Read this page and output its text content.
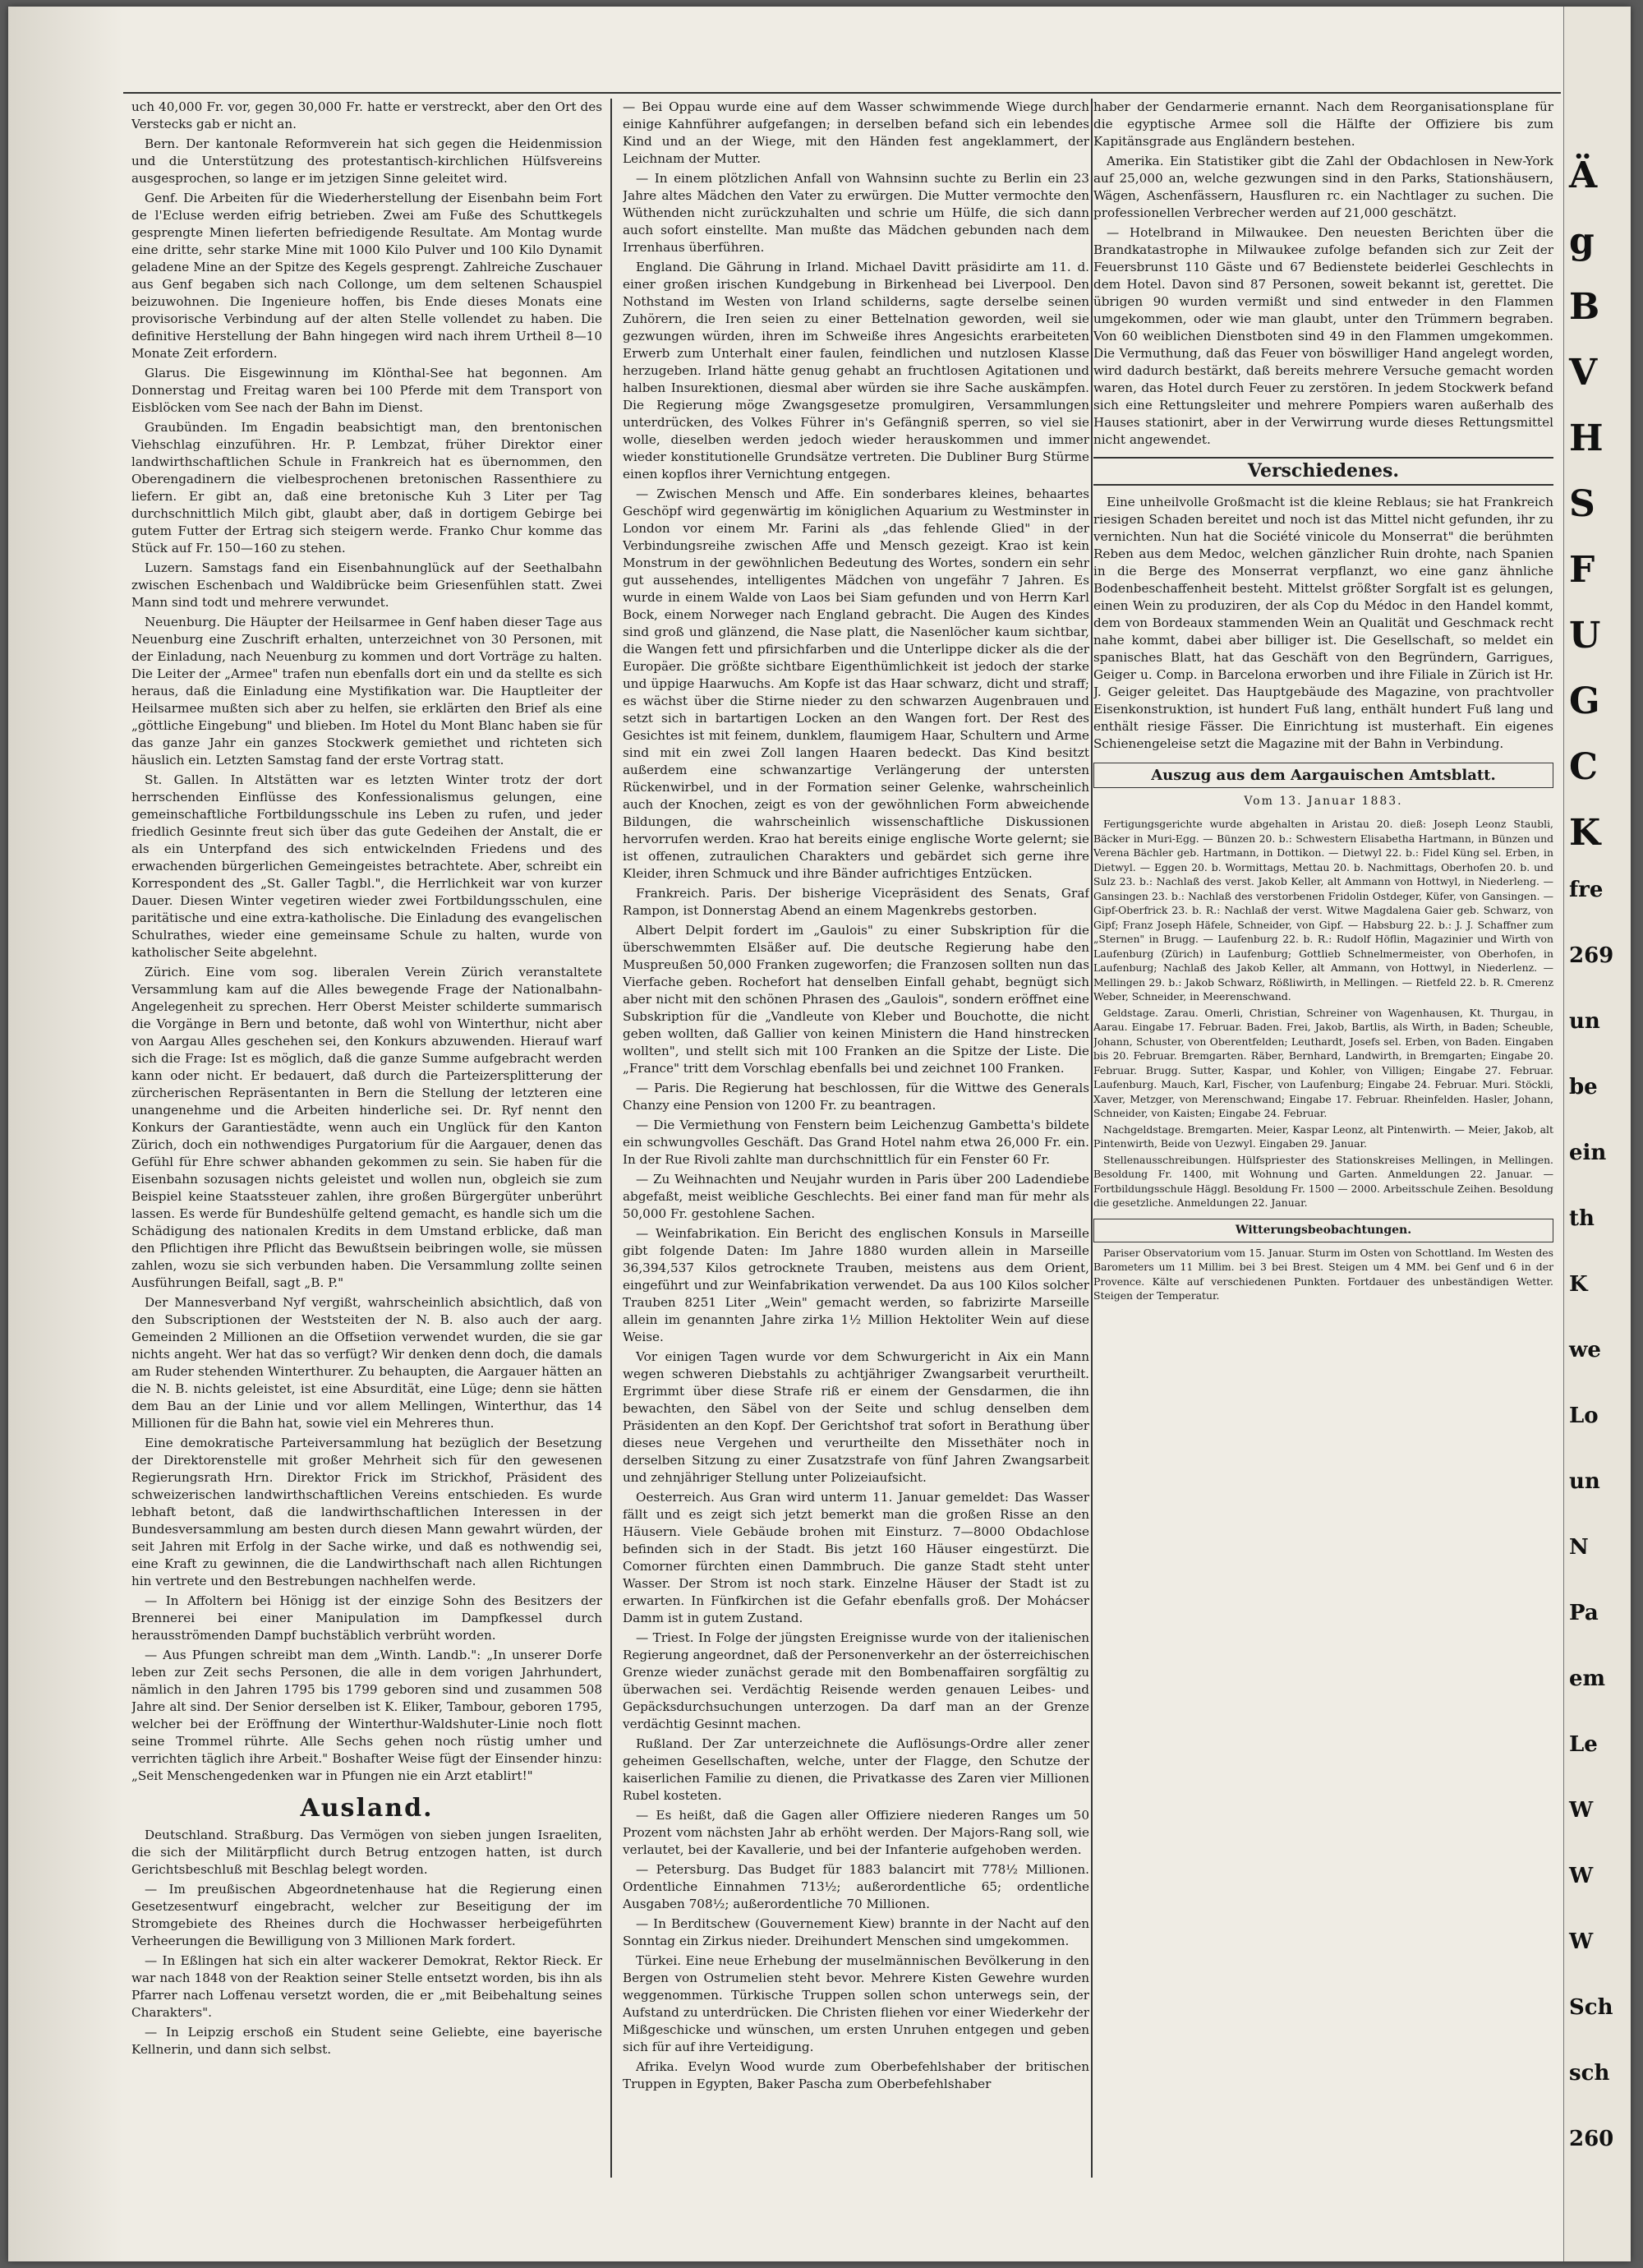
uch 40,000 Fr. vor, gegen 30,000 Fr. hatte er verstreckt, aber den Ort des Verstecks gab er nicht an.

Bern. Der kantonale Reformverein hat sich gegen die Heidenmission und die Unterstützung des protestantisch-kirchlichen Hülfsvereins ausgesprochen, so lange er im jetzigen Sinne geleitet wird.

Genf. Die Arbeiten für die Wiederherstellung der Eisenbahn beim Fort de l'Ecluse werden eifrig betrieben. Zwei am Fuße des Schuttkegels gesprengte Minen lieferten befriedigende Resultate. Am Montag wurde eine dritte, sehr starke Mine mit 1000 Kilo Pulver und 100 Kilo Dynamit geladene Mine an der Spitze des Kegels gesprengt. Zahlreiche Zuschauer aus Genf begaben sich nach Collonge, um dem seltenen Schauspiel beizuwohnen. Die Ingenieure hoffen, bis Ende dieses Monats eine provisorische Verbindung auf der alten Stelle vollendet zu haben. Die definitive Herstellung der Bahn hingegen wird nach ihrem Urtheil 8—10 Monate Zeit erfordern.

Glarus. Die Eisgewinnung im Klönthal-See hat begonnen. Am Donnerstag und Freitag waren bei 100 Pferde mit dem Transport von Eisblöcken vom See nach der Bahn im Dienst.

Graubünden. Im Engadin beabsichtigt man, den brentonischen Viehschlag einzuführen. Hr. P. Lembzat, früher Direktor einer landwirthschaftlichen Schule in Frankreich hat es übernommen, den Oberengadinern die vielbesprochenen bretonischen Rassenthiere zu liefern. Er gibt an, daß eine bretonische Kuh 3 Liter per Tag durchschnittlich Milch gibt, glaubt aber, daß in dortigem Gebirge bei gutem Futter der Ertrag sich steigern werde. Franko Chur komme das Stück auf Fr. 150—160 zu stehen.

Luzern. Samstags fand ein Eisenbahnunglück auf der Seethalbahn zwischen Eschenbach und Waldibrücke beim Griesenfühlen statt. Zwei Mann sind todt und mehrere verwundet.

Neuenburg. Die Häupter der Heilsarmee in Genf haben dieser Tage aus Neuenburg eine Zuschrift erhalten, unterzeichnet von 30 Personen, mit der Einladung, nach Neuenburg zu kommen und dort Vorträge zu halten. Die Leiter der „Armee" trafen nun ebenfalls dort ein und da stellte es sich heraus, daß die Einladung eine Mystifikation war. Die Hauptleiter der Heilsarmee mußten sich aber zu helfen, sie erklärten den Brief als eine „göttliche Eingebung" und blieben. Im Hotel du Mont Blanc haben sie für das ganze Jahr ein ganzes Stockwerk gemiethet und richteten sich häuslich ein. Letzten Samstag fand der erste Vortrag statt.

St. Gallen. In Altstätten war es letzten Winter trotz der dort herrschenden Einflüsse des Konfessionalismus gelungen, eine gemeinschaftliche Fortbildungsschule ins Leben zu rufen, und jeder friedlich Gesinnte freut sich über das gute Gedeihen der Anstalt, die er als ein Unterpfand des sich entwickelnden Friedens und des erwachenden bürgerlichen Gemeingeistes betrachtete. Aber, schreibt ein Korrespondent des „St. Galler Tagbl.", die Herrlichkeit war von kurzer Dauer. Diesen Winter vegetiren wieder zwei Fortbildungsschulen, eine paritätische und eine extra-katholische. Die Einladung des evangelischen Schulrathes, wieder eine gemeinsame Schule zu halten, wurde von katholischer Seite abgelehnt.

Zürich. Eine vom sog. liberalen Verein Zürich veranstaltete Versammlung kam auf die Alles bewegende Frage der Nationalbahn-Angelegenheit zu sprechen. Herr Oberst Meister schilderte summarisch die Vorgänge in Bern und betonte, daß wohl von Winterthur, nicht aber von Aargau Alles geschehen sei, den Konkurs abzuwenden. Hierauf warf sich die Frage: Ist es möglich, daß die ganze Summe aufgebracht werden kann oder nicht. Er bedauert, daß durch die Parteizersplitterung der zürcherischen Repräsentanten in Bern die Stellung der letzteren eine unangenehme und die Arbeiten hinderliche sei. Dr. Ryf nennt den Konkurs der Garantiestädte, wenn auch ein Unglück für den Kanton Zürich, doch ein nothwendiges Purgatorium für die Aargauer, denen das Gefühl für Ehre schwer abhanden gekommen zu sein. Sie haben für die Eisenbahn sozusagen nichts geleistet und wollen nun, obgleich sie zum Beispiel keine Staatssteuer zahlen, ihre großen Bürgergüter unberührt lassen. Es werde für Bundeshülfe geltend gemacht, es handle sich um die Schädigung des nationalen Kredits in dem Umstand erblicke, daß man den Pflichtigen ihre Pflicht das Bewußtsein beibringen wolle, sie müssen zahlen, wozu sie sich verbunden haben. Die Versammlung zollte seinen Ausführungen Beifall, sagt „B. P."

Der Mannesverband Nyf vergißt, wahrscheinlich absichtlich, daß von den Subscriptionen der Weststeiten der N. B. also auch der aarg. Gemeinden 2 Millionen an die Offsetiion verwendet wurden, die sie gar nichts angeht. Wer hat das so verfügt? Wir denken denn doch, die damals am Ruder stehenden Winterthurer. Zu behaupten, die Aargauer hätten an die N. B. nichts geleistet, ist eine Absurdität, eine Lüge; denn sie hätten dem Bau an der Linie und vor allem Mellingen, Winterthur, das 14 Millionen für die Bahn hat, sowie viel ein Mehreres thun.

Eine demokratische Parteiversammlung hat bezüglich der Besetzung der Direktorenstelle mit großer Mehrheit sich für den gewesenen Regierungsrath Hrn. Direktor Frick im Strickhof, Präsident des schweizerischen landwirthschaftlichen Vereins entschieden. Es wurde lebhaft betont, daß die landwirthschaftlichen Interessen in der Bundesversammlung am besten durch diesen Mann gewahrt würden, der seit Jahren mit Erfolg in der Sache wirke, und daß es nothwendig sei, eine Kraft zu gewinnen, die die Landwirthschaft nach allen Richtungen hin vertrete und den Bestrebungen nachhelfen werde.

— In Affoltern bei Hönigg ist der einzige Sohn des Besitzers der Brennerei bei einer Manipulation im Dampfkessel durch herausströmenden Dampf buchstäblich verbrüht worden.

— Aus Pfungen schreibt man dem „Winth. Landb.": „In unserer Dorfe leben zur Zeit sechs Personen, die alle in dem vorigen Jahrhundert, nämlich in den Jahren 1795 bis 1799 geboren sind und zusammen 508 Jahre alt sind. Der Senior derselben ist K. Eliker, Tambour, geboren 1795, welcher bei der Eröffnung der Winterthur-Waldshuter-Linie noch flott seine Trommel rührte. Alle Sechs gehen noch rüstig umher und verrichten täglich ihre Arbeit." Boshafter Weise fügt der Einsender hinzu: „Seit Menschengedenken war in Pfungen nie ein Arzt etablirt!"

Ausland.

Deutschland. Straßburg. Das Vermögen von sieben jungen Israeliten, die sich der Militärpflicht durch Betrug entzogen hatten, ist durch Gerichtsbeschluß mit Beschlag belegt worden.

— Im preußischen Abgeordnetenhause hat die Regierung einen Gesetzesentwurf eingebracht, welcher zur Beseitigung der im Stromgebiete des Rheines durch die Hochwasser herbeigeführten Verheerungen die Bewilligung von 3 Millionen Mark fordert.

— In Eßlingen hat sich ein alter wackerer Demokrat, Rektor Rieck. Er war nach 1848 von der Reaktion seiner Stelle entsetzt worden, bis ihn als Pfarrer nach Loffenau versetzt worden, die er „mit Beibehaltung seines Charakters".

— In Leipzig erschoß ein Student seine Geliebte, eine bayerische Kellnerin, und dann sich selbst.

— Bei Oppau wurde eine auf dem Wasser schwimmende Wiege durch einige Kahnführer aufgefangen; in derselben befand sich ein lebendes Kind und an der Wiege, mit den Händen fest angeklammert, der Leichnam der Mutter.

— In einem plötzlichen Anfall von Wahnsinn suchte zu Berlin ein 23 Jahre altes Mädchen den Vater zu erwürgen. Die Mutter vermochte den Wüthenden nicht zurückzuhalten und schrie um Hülfe, die sich dann auch sofort einstellte. Man mußte das Mädchen gebunden nach dem Irrenhaus überführen.

England. Die Gährung in Irland. Michael Davitt präsidirte am 11. d. einer großen irischen Kundgebung in Birkenhead bei Liverpool. Den Nothstand im Westen von Irland schilderns, sagte derselbe seinen Zuhörern, die Iren seien zu einer Bettelnation geworden, weil sie gezwungen würden, ihren im Schweiße ihres Angesichts erarbeiteten Erwerb zum Unterhalt einer faulen, feindlichen und nutzlosen Klasse herzugeben. Irland hätte genug gehabt an fruchtlosen Agitationen und halben Insurektionen, diesmal aber würden sie ihre Sache auskämpfen. Die Regierung möge Zwangsgesetze promulgiren, Versammlungen unterdrücken, des Volkes Führer in's Gefängniß sperren, so viel sie wolle, dieselben werden jedoch wieder herauskommen und immer wieder konstitutionelle Grundsätze vertreten. Die Dubliner Burg Stürme einen kopflos ihrer Vernichtung entgegen.

— Zwischen Mensch und Affe. Ein sonderbares kleines, behaartes Geschöpf wird gegenwärtig im königlichen Aquarium zu Westminster in London vor einem Mr. Farini als „das fehlende Glied" in der Verbindungsreihe zwischen Affe und Mensch gezeigt. Krao ist kein Monstrum in der gewöhnlichen Bedeutung des Wortes, sondern ein sehr gut aussehendes, intelligentes Mädchen von ungefähr 7 Jahren. Es wurde in einem Walde von Laos bei Siam gefunden und von Herrn Karl Bock, einem Norweger nach England gebracht. Die Augen des Kindes sind groß und glänzend, die Nase platt, die Nasenlöcher kaum sichtbar, die Wangen fett und pfirsichfarben und die Unterlippe dicker als die der Europäer. Die größte sichtbare Eigenthümlichkeit ist jedoch der starke und üppige Haarwuchs. Am Kopfe ist das Haar schwarz, dicht und straff; es wächst über die Stirne nieder zu den schwarzen Augenbrauen und setzt sich in bartartigen Locken an den Wangen fort. Der Rest des Gesichtes ist mit feinem, dunklem, flaumigem Haar, Schultern und Arme sind mit ein zwei Zoll langen Haaren bedeckt. Das Kind besitzt außerdem eine schwanzartige Verlängerung der untersten Rückenwirbel, und in der Formation seiner Gelenke, wahrscheinlich auch der Knochen, zeigt es von der gewöhnlichen Form abweichende Bildungen, die wahrscheinlich wissenschaftliche Diskussionen hervorrufen werden. Krao hat bereits einige englische Worte gelernt; sie ist offenen, zutraulichen Charakters und gebärdet sich gerne ihre Kleider, ihren Schmuck und ihre Bänder aufrichtiges Entzücken.

Frankreich. Paris. Der bisherige Vicepräsident des Senats, Graf Rampon, ist Donnerstag Abend an einem Magenkrebs gestorben.

Albert Delpit fordert im „Gaulois" zu einer Subskription für die überschwemmten Elsäßer auf. Die deutsche Regierung habe den Muspreußen 50,000 Franken zugeworfen; die Franzosen sollten nun das Vierfache geben. Rochefort hat denselben Einfall gehabt, begnügt sich aber nicht mit den schönen Phrasen des „Gaulois", sondern eröffnet eine Subskription für die „Vandleute von Kleber und Bouchotte, die nicht geben wollten, daß Gallier von keinen Ministern die Hand hinstrecken wollten", und stellt sich mit 100 Franken an die Spitze der Liste. Die „France" tritt dem Vorschlag ebenfalls bei und zeichnet 100 Franken.

— Paris. Die Regierung hat beschlossen, für die Wittwe des Generals Chanzy eine Pension von 1200 Fr. zu beantragen.

— Die Vermiethung von Fenstern beim Leichenzug Gambetta's bildete ein schwungvolles Geschäft. Das Grand Hotel nahm etwa 26,000 Fr. ein. In der Rue Rivoli zahlte man durchschnittlich für ein Fenster 60 Fr.

— Zu Weihnachten und Neujahr wurden in Paris über 200 Ladendiebe abgefaßt, meist weibliche Geschlechts. Bei einer fand man für mehr als 50,000 Fr. gestohlene Sachen.

— Weinfabrikation. Ein Bericht des englischen Konsuls in Marseille gibt folgende Daten: Im Jahre 1880 wurden allein in Marseille 36,394,537 Kilos getrocknete Trauben, meistens aus dem Orient, eingeführt und zur Weinfabrikation verwendet. Da aus 100 Kilos solcher Trauben 8251 Liter „Wein" gemacht werden, so fabrizirte Marseille allein im genannten Jahre zirka 1½ Million Hektoliter Wein auf diese Weise.

Vor einigen Tagen wurde vor dem Schwurgericht in Aix ein Mann wegen schweren Diebstahls zu achtjähriger Zwangsarbeit verurtheilt. Ergrimmt über diese Strafe riß er einem der Gensdarmen, die ihn bewachten, den Säbel von der Seite und schlug denselben dem Präsidenten an den Kopf. Der Gerichtshof trat sofort in Berathung über dieses neue Vergehen und verurtheilte den Missethäter noch in derselben Sitzung zu einer Zusatzstrafe von fünf Jahren Zwangsarbeit und zehnjähriger Stellung unter Polizeiaufsicht.

Oesterreich. Aus Gran wird unterm 11. Januar gemeldet: Das Wasser fällt und es zeigt sich jetzt bemerkt man die großen Risse an den Häusern. Viele Gebäude brohen mit Einsturz. 7—8000 Obdachlose befinden sich in der Stadt. Bis jetzt 160 Häuser eingestürzt. Die Comorner fürchten einen Dammbruch. Die ganze Stadt steht unter Wasser. Der Strom ist noch stark. Einzelne Häuser der Stadt ist zu erwarten. In Fünfkirchen ist die Gefahr ebenfalls groß. Der Mohácser Damm ist in gutem Zustand.

— Triest. In Folge der jüngsten Ereignisse wurde von der italienischen Regierung angeordnet, daß der Personenverkehr an der österreichischen Grenze wieder zunächst gerade mit den Bombenaffairen sorgfältig zu überwachen sei. Verdächtig Reisende werden genauen Leibes- und Gepäcksdurchsuchungen unterzogen. Da darf man an der Grenze verdächtig Gesinnt machen.

Rußland. Der Zar unterzeichnete die Auflösungs-Ordre aller zener geheimen Gesellschaften, welche, unter der Flagge, den Schutze der kaiserlichen Familie zu dienen, die Privatkasse des Zaren vier Millionen Rubel kosteten.

— Es heißt, daß die Gagen aller Offiziere niederen Ranges um 50 Prozent vom nächsten Jahr ab erhöht werden. Der Majors-Rang soll, wie verlautet, bei der Kavallerie, und bei der Infanterie aufgehoben werden.

— Petersburg. Das Budget für 1883 balancirt mit 778½ Millionen. Ordentliche Einnahmen 713½; außerordentliche 65; ordentliche Ausgaben 708½; außerordentliche 70 Millionen.

— In Berditschew (Gouvernement Kiew) brannte in der Nacht auf den Sonntag ein Zirkus nieder. Dreihundert Menschen sind umgekommen.

Türkei. Eine neue Erhebung der muselmännischen Bevölkerung in den Bergen von Ostrumelien steht bevor. Mehrere Kisten Gewehre wurden weggenommen. Türkische Truppen sollen schon unterwegs sein, der Aufstand zu unterdrücken. Die Christen fliehen vor einer Wiederkehr der Mißgeschicke und wünschen, um ersten Unruhen entgegen und geben sich für auf ihre Verteidigung.

Afrika. Evelyn Wood wurde zum Oberbefehlshaber der britischen Truppen in Egypten, Baker Pascha zum Oberbefehlshaber

haber der Gendarmerie ernannt. Nach dem Reorganisationsplane für die egyptische Armee soll die Hälfte der Offiziere bis zum Kapitänsgrade aus Engländern bestehen.

Amerika. Ein Statistiker gibt die Zahl der Obdachlosen in New-York auf 25,000 an, welche gezwungen sind in den Parks, Stationshäusern, Wägen, Aschenfässern, Hausfluren rc. ein Nachtlager zu suchen. Die professionellen Verbrecher werden auf 21,000 geschätzt.

— Hotelbrand in Milwaukee. Den neuesten Berichten über die Brandkatastrophe in Milwaukee zufolge befanden sich zur Zeit der Feuersbrunst 110 Gäste und 67 Bedienstete beiderlei Geschlechts in dem Hotel. Davon sind 87 Personen, soweit bekannt ist, gerettet. Die übrigen 90 wurden vermißt und sind entweder in den Flammen umgekommen, oder wie man glaubt, unter den Trümmern begraben. Von 60 weiblichen Dienstboten sind 49 in den Flammen umgekommen. Die Vermuthung, daß das Feuer von böswilliger Hand angelegt worden, wird dadurch bestärkt, daß bereits mehrere Versuche gemacht worden waren, das Hotel durch Feuer zu zerstören. In jedem Stockwerk befand sich eine Rettungsleiter und mehrere Pompiers waren außerhalb des Hauses stationirt, aber in der Verwirrung wurde dieses Rettungsmittel nicht angewendet.

Verschiedenes.

Eine unheilvolle Großmacht ist die kleine Reblaus; sie hat Frankreich riesigen Schaden bereitet und noch ist das Mittel nicht gefunden, ihr zu vernichten. Nun hat die Société vinicole du Monserrat" die berühmten Reben aus dem Medoc, welchen gänzlicher Ruin drohte, nach Spanien in die Berge des Monserrat verpflanzt, wo eine ganz ähnliche Bodenbeschaffenheit besteht. Mittelst größter Sorgfalt ist es gelungen, einen Wein zu produziren, der als Cop du Médoc in den Handel kommt, dem von Bordeaux stammenden Wein an Qualität und Geschmack recht nahe kommt, dabei aber billiger ist. Die Gesellschaft, so meldet ein spanisches Blatt, hat das Geschäft von den Begründern, Garrigues, Geiger u. Comp. in Barcelona erworben und ihre Filiale in Zürich ist Hr. J. Geiger geleitet. Das Hauptgebäude des Magazine, von prachtvoller Eisenkonstruktion, ist hundert Fuß lang, enthält hundert Fuß lang und enthält riesige Fässer. Die Einrichtung ist musterhaft. Ein eigenes Schienengeleise setzt die Magazine mit der Bahn in Verbindung.

Auszug aus dem Aargauischen Amtsblatt.
Vom 13. Januar 1883.

Fertigungsgerichte wurde abgehalten in Aristau 20. dieß: Joseph Leonz Staubli, Bäcker in Muri-Egg. — Bünzen 20. b.: Schwestern Elisabetha Hartmann, in Bünzen und Verena Bächler geb. Hartmann, in Dottikon. — Dietwyl 22. b.: Fidel Küng sel. Erben, in Dietwyl. — Eggen 20. b. Wormittags, Mettau 20. b. Nachmittags, Oberhofen 20. b. und Sulz 23. b.: Nachlaß des verst. Jakob Keller, alt Ammann von Hottwyl, in Niederleng. — Gansingen 23. b.: Nachlaß des verstorbenen Fridolin Ostdeger, Küfer, von Gansingen. — Gipf-Oberfrick 23. b. R.: Nachlaß der verst. Witwe Magdalena Gaier geb. Schwarz, von Gipf; Franz Joseph Häfele, Schneider, von Gipf. — Habsburg 22. b.: J. J. Schaffner zum „Sternen" in Brugg. — Laufenburg 22. b. R.: Rudolf Höflin, Magazinier und Wirth von Laufenburg (Zürich) in Laufenburg; Gottlieb Schnelmermeister, von Oberhofen, in Laufenburg; Nachlaß des Jakob Keller, alt Ammann, von Hottwyl, in Niederlenz. — Mellingen 29. b.: Jakob Schwarz, Rößliwirth, in Mellingen. — Rietfeld 22. b. R. Cmerenz Weber, Schneider, in Meerenschwand.

Geldstage. Zarau. Omerli, Christian, Schreiner von Wagenhausen, Kt. Thurgau, in Aarau. Eingabe 17. Februar. Baden. Frei, Jakob, Bartlis, als Wirth, in Baden; Scheuble, Johann, Schuster, von Oberentfelden; Leuthardt, Josefs sel. Erben, von Baden. Eingaben bis 20. Februar. Bremgarten. Räber, Bernhard, Landwirth, in Bremgarten; Eingabe 20. Februar. Brugg. Sutter, Kaspar, und Kohler, von Villigen; Eingabe 27. Februar. Laufenburg. Mauch, Karl, Fischer, von Laufenburg; Eingabe 24. Februar. Muri. Stöckli, Xaver, Metzger, von Merenschwand; Eingabe 17. Februar. Rheinfelden. Hasler, Johann, Schneider, von Kaisten; Eingabe 24. Februar.

Nachgeldstage. Bremgarten. Meier, Kaspar Leonz, alt Pintenwirth. — Meier, Jakob, alt Pintenwirth, Beide von Uezwyl. Eingaben 29. Januar.

Stellenausschreibungen. Hülfspriester des Stationskreises Mellingen, in Mellingen. Besoldung Fr. 1400, mit Wohnung und Garten. Anmeldungen 22. Januar. — Fortbildungsschule Häggl. Besoldung Fr. 1500 — 2000. Arbeitsschule Zeihen. Besoldung die gesetzliche. Anmeldungen 22. Januar.

Witterungsbeobachtungen.

Pariser Observatorium vom 15. Januar. Sturm im Osten von Schottland. Im Westen des Barometers um 11 Millim. bei 3 bei Brest. Steigen um 4 MM. bei Genf und 6 in der Provence. Kälte auf verschiedenen Punkten. Fortdauer des unbeständigen Wetter. Steigen der Temperatur.

Ä
g
B
V
H
S
F
U
G
C
K
fre
269
un
be
ein
th
K
we
Lo
un
N
Pa
em
Le
W
W
W
Sch
sch
260
